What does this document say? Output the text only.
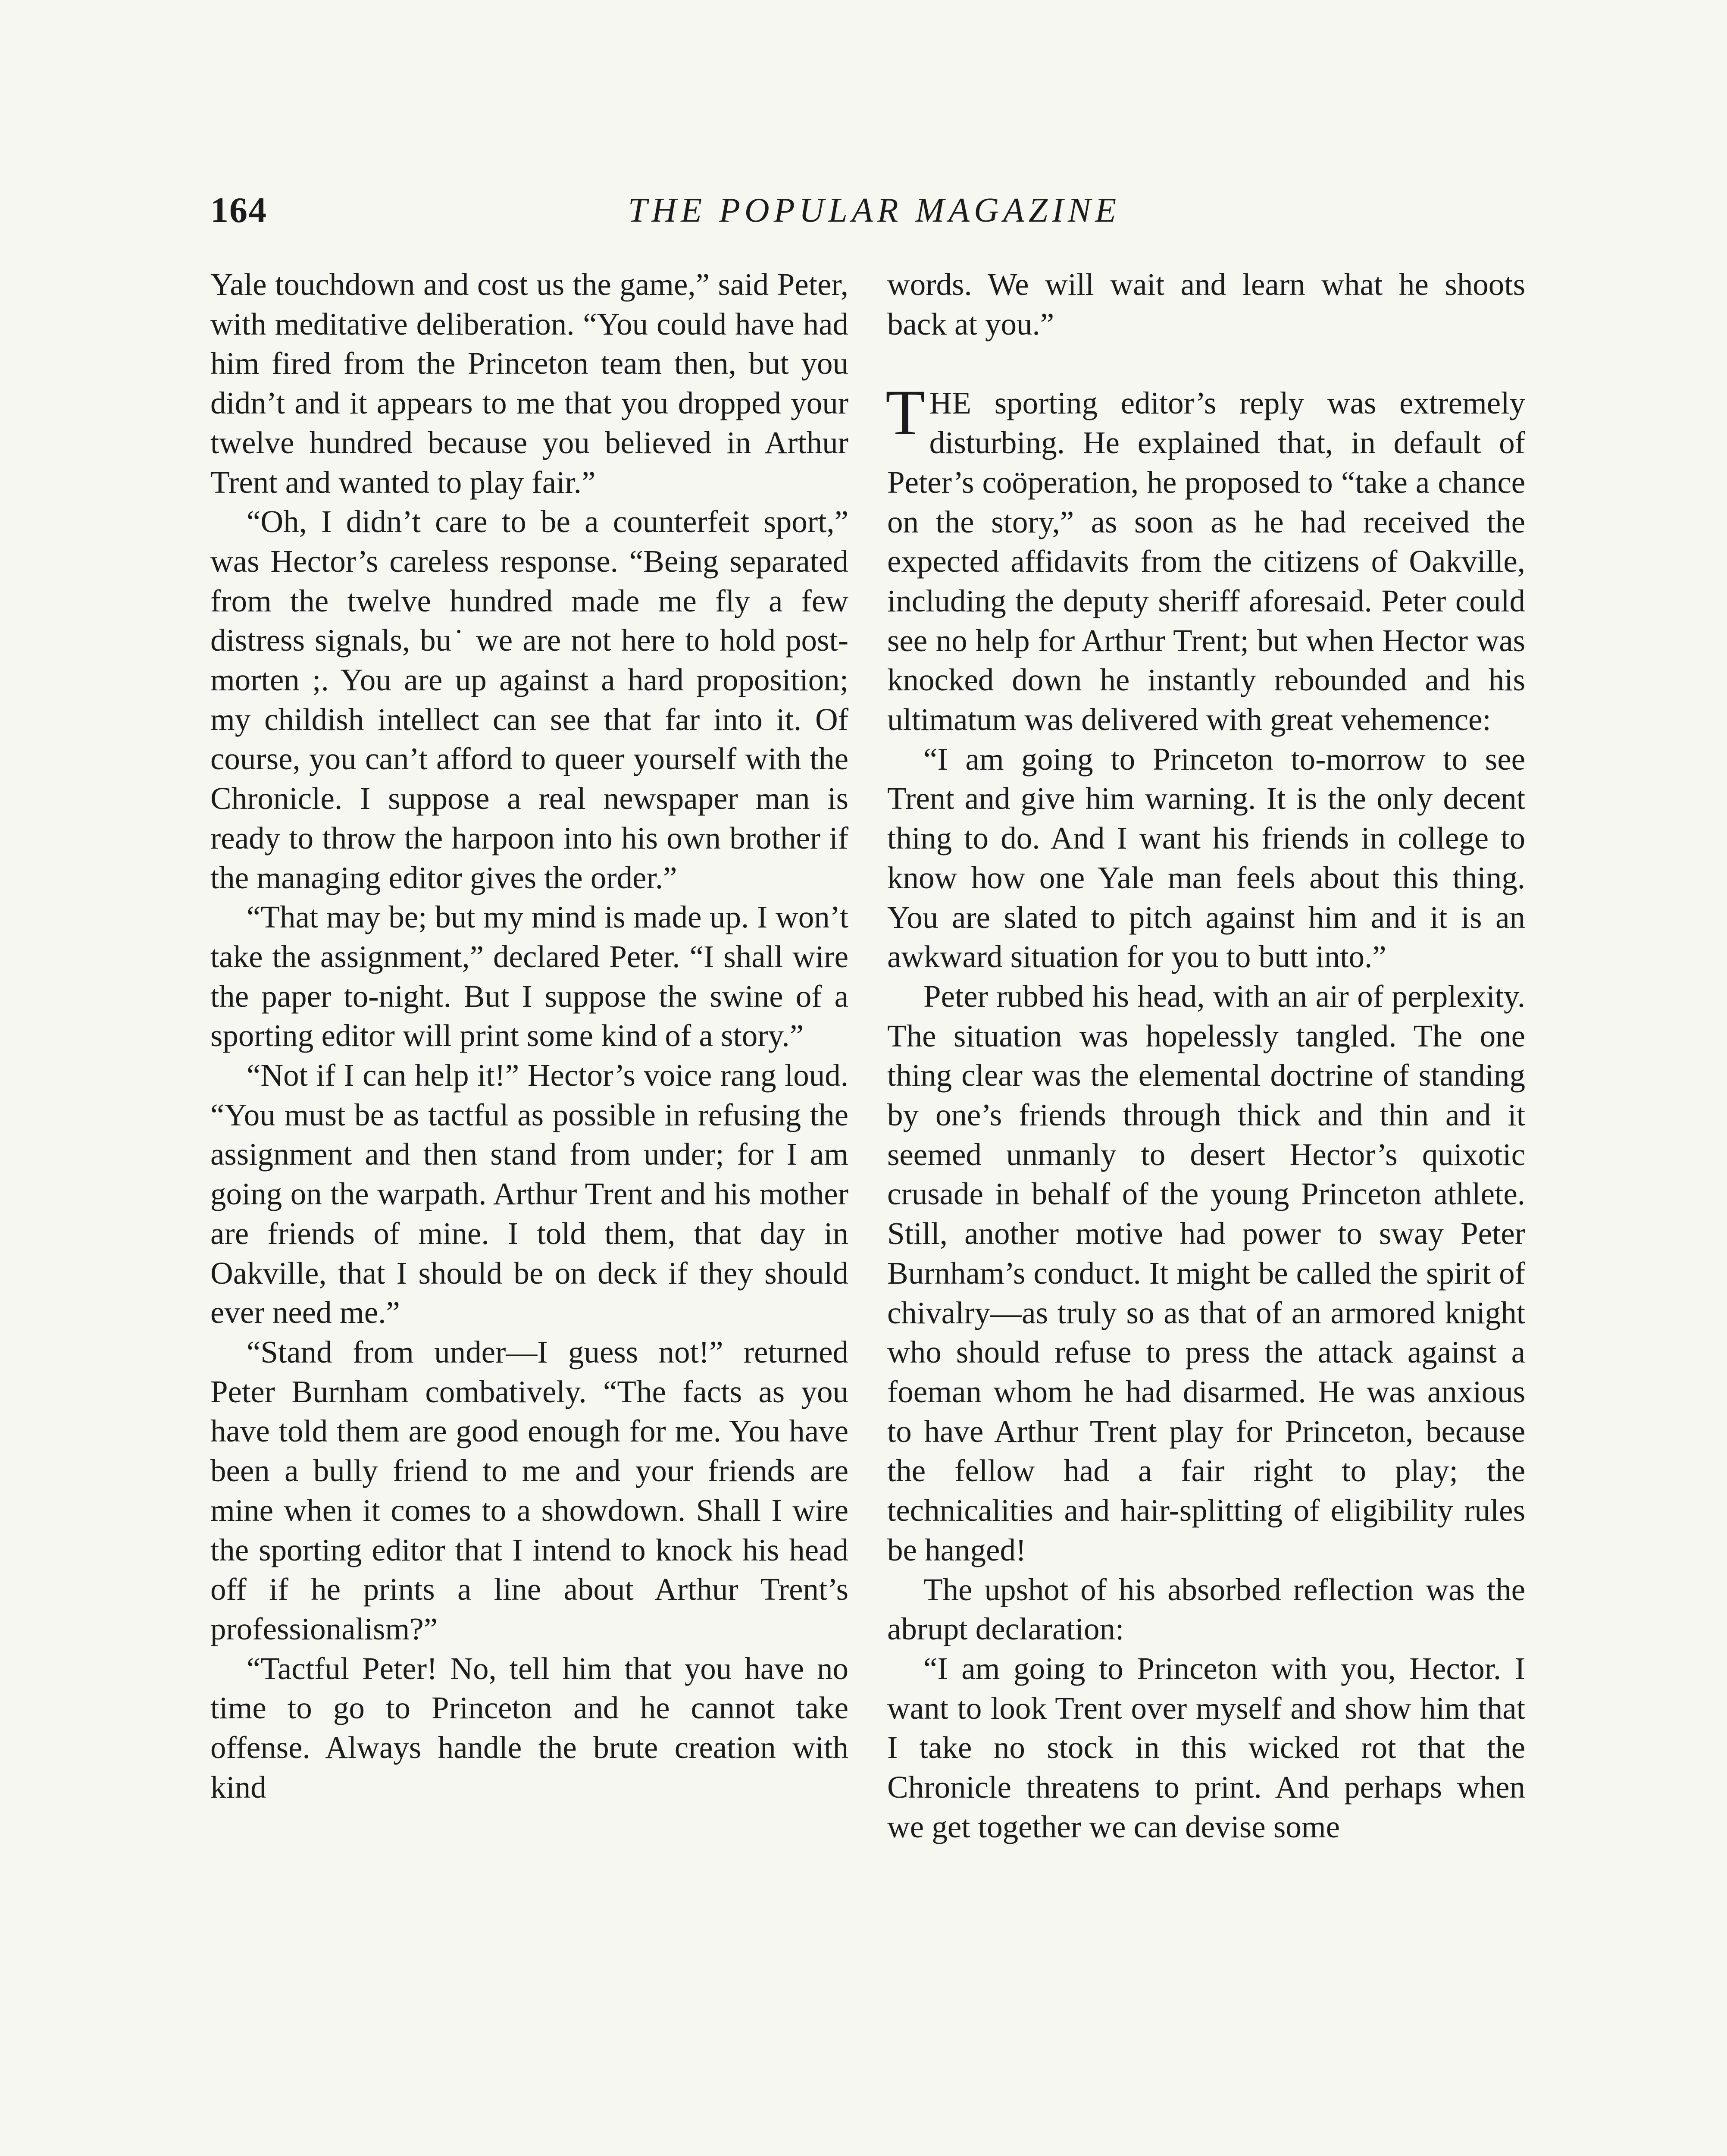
164	THE POPULAR MAGAZINE

Yale touchdown and cost us the game,” said Peter, with meditative deliberation. “You could have had him fired from the Princeton team then, but you didn’t and it appears to me that you dropped your twelve hundred because you believed in Arthur Trent and wanted to play fair.”

“Oh, I didn’t care to be a counterfeit sport,” was Hector’s careless response. “Being separated from the twelve hundred made me fly a few distress signals, bu˙ we are not here to hold post-morten ;. You are up against a hard proposition; my childish intellect can see that far into it. Of course, you can’t afford to queer yourself with the Chronicle. I suppose a real newspaper man is ready to throw the harpoon into his own brother if the managing editor gives the order.”

“That may be; but my mind is made up. I won’t take the assignment,” declared Peter. “I shall wire the paper to-night. But I suppose the swine of a sporting editor will print some kind of a story.”

“Not if I can help it!” Hector’s voice rang loud. “You must be as tactful as possible in refusing the assignment and then stand from under; for I am going on the warpath. Arthur Trent and his mother are friends of mine. I told them, that day in Oakville, that I should be on deck if they should ever need me.”

“Stand from under—I guess not!” returned Peter Burnham combatively. “The facts as you have told them are good enough for me. You have been a bully friend to me and your friends are mine when it comes to a showdown. Shall I wire the sporting editor that I intend to knock his head off if he prints a line about Arthur Trent’s professionalism?”

“Tactful Peter! No, tell him that you have no time to go to Princeton and he cannot take offense. Always handle the brute creation with kind

words. We will wait and learn what he shoots back at you.”

THE sporting editor’s reply was extremely disturbing. He explained that, in default of Peter’s coöperation, he proposed to “take a chance on the story,” as soon as he had received the expected affidavits from the citizens of Oakville, including the deputy sheriff aforesaid. Peter could see no help for Arthur Trent; but when Hector was knocked down he instantly rebounded and his ultimatum was delivered with great vehemence:

“I am going to Princeton to-morrow to see Trent and give him warning. It is the only decent thing to do. And I want his friends in college to know how one Yale man feels about this thing. You are slated to pitch against him and it is an awkward situation for you to butt into.”

Peter rubbed his head, with an air of perplexity. The situation was hopelessly tangled. The one thing clear was the elemental doctrine of standing by one’s friends through thick and thin and it seemed unmanly to desert Hector’s quixotic crusade in behalf of the young Princeton athlete. Still, another motive had power to sway Peter Burnham’s conduct. It might be called the spirit of chivalry—as truly so as that of an armored knight who should refuse to press the attack against a foeman whom he had disarmed. He was anxious to have Arthur Trent play for Princeton, because the fellow had a fair right to play; the technicalities and hair-splitting of eligibility rules be hanged!

The upshot of his absorbed reflection was the abrupt declaration:

“I am going to Princeton with you, Hector. I want to look Trent over myself and show him that I take no stock in this wicked rot that the Chronicle threatens to print. And perhaps when we get together we can devise some
